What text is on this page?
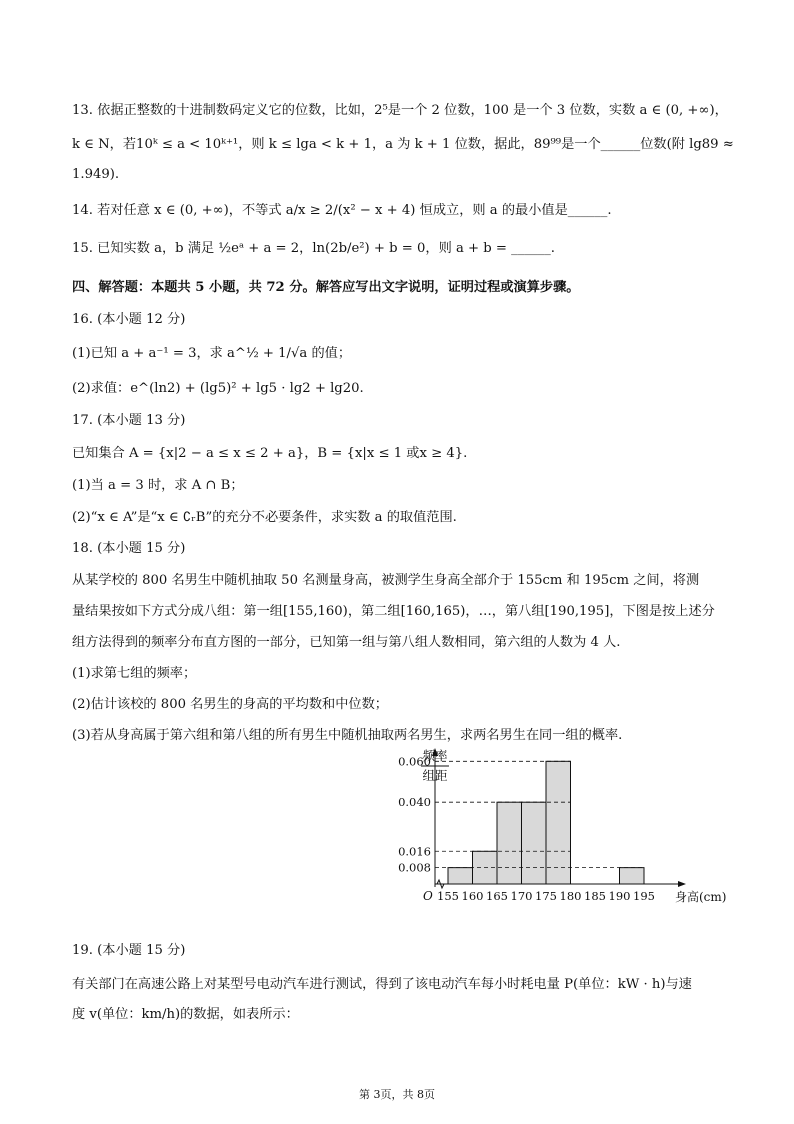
13. 依据正整数的十进制数码定义它的位数，比如，2⁵是一个 2 位数，100 是一个 3 位数，实数 a ∈ (0, +∞)，
k ∈ N，若10ᵏ ≤ a < 10ᵏ⁺¹，则 k ≤ lga < k + 1，a 为 k + 1 位数，据此，89⁹⁹是一个______位数(附 lg89 ≈
1.949).
14. 若对任意 x ∈ (0, +∞)，不等式 a/x ≥ 2/(x² − x + 4) 恒成立，则 a 的最小值是______.
15. 已知实数 a，b 满足 ½eᵃ + a = 2，ln(2b/e²) + b = 0，则 a + b = ______.
四、解答题：本题共 5 小题，共 72 分。解答应写出文字说明，证明过程或演算步骤。
16. (本小题 12 分)
(1)已知 a + a⁻¹ = 3，求 a^½ + 1/√a 的值；
(2)求值：e^(ln2) + (lg5)² + lg5 · lg2 + lg20.
17. (本小题 13 分)
已知集合 A = {x|2 − a ≤ x ≤ 2 + a}，B = {x|x ≤ 1 或x ≥ 4}.
(1)当 a = 3 时，求 A ∩ B；
(2)“x ∈ A”是“x ∈ ∁ᵣB”的充分不必要条件，求实数 a 的取值范围.
18. (本小题 15 分)
从某学校的 800 名男生中随机抽取 50 名测量身高，被测学生身高全部介于 155cm 和 195cm 之间，将测
量结果按如下方式分成八组：第一组[155,160)，第二组[160,165)，…，第八组[190,195]，下图是按上述分
组方法得到的频率分布直方图的一部分，已知第一组与第八组人数相同，第六组的人数为 4 人.
(1)求第七组的频率；
(2)估计该校的 800 名男生的身高的平均数和中位数；
(3)若从身高属于第六组和第八组的所有男生中随机抽取两名男生，求两名男生在同一组的概率.
0.008
0.016
0.040
0.060
155 160 165 170 175 180 185 190 195
O	身高(cm)
频率
组距
19. (本小题 15 分)
有关部门在高速公路上对某型号电动汽车进行测试，得到了该电动汽车每小时耗电量 P(单位：kW · h)与速
度 v(单位：km/h)的数据，如表所示：
第 3页，共 8页
